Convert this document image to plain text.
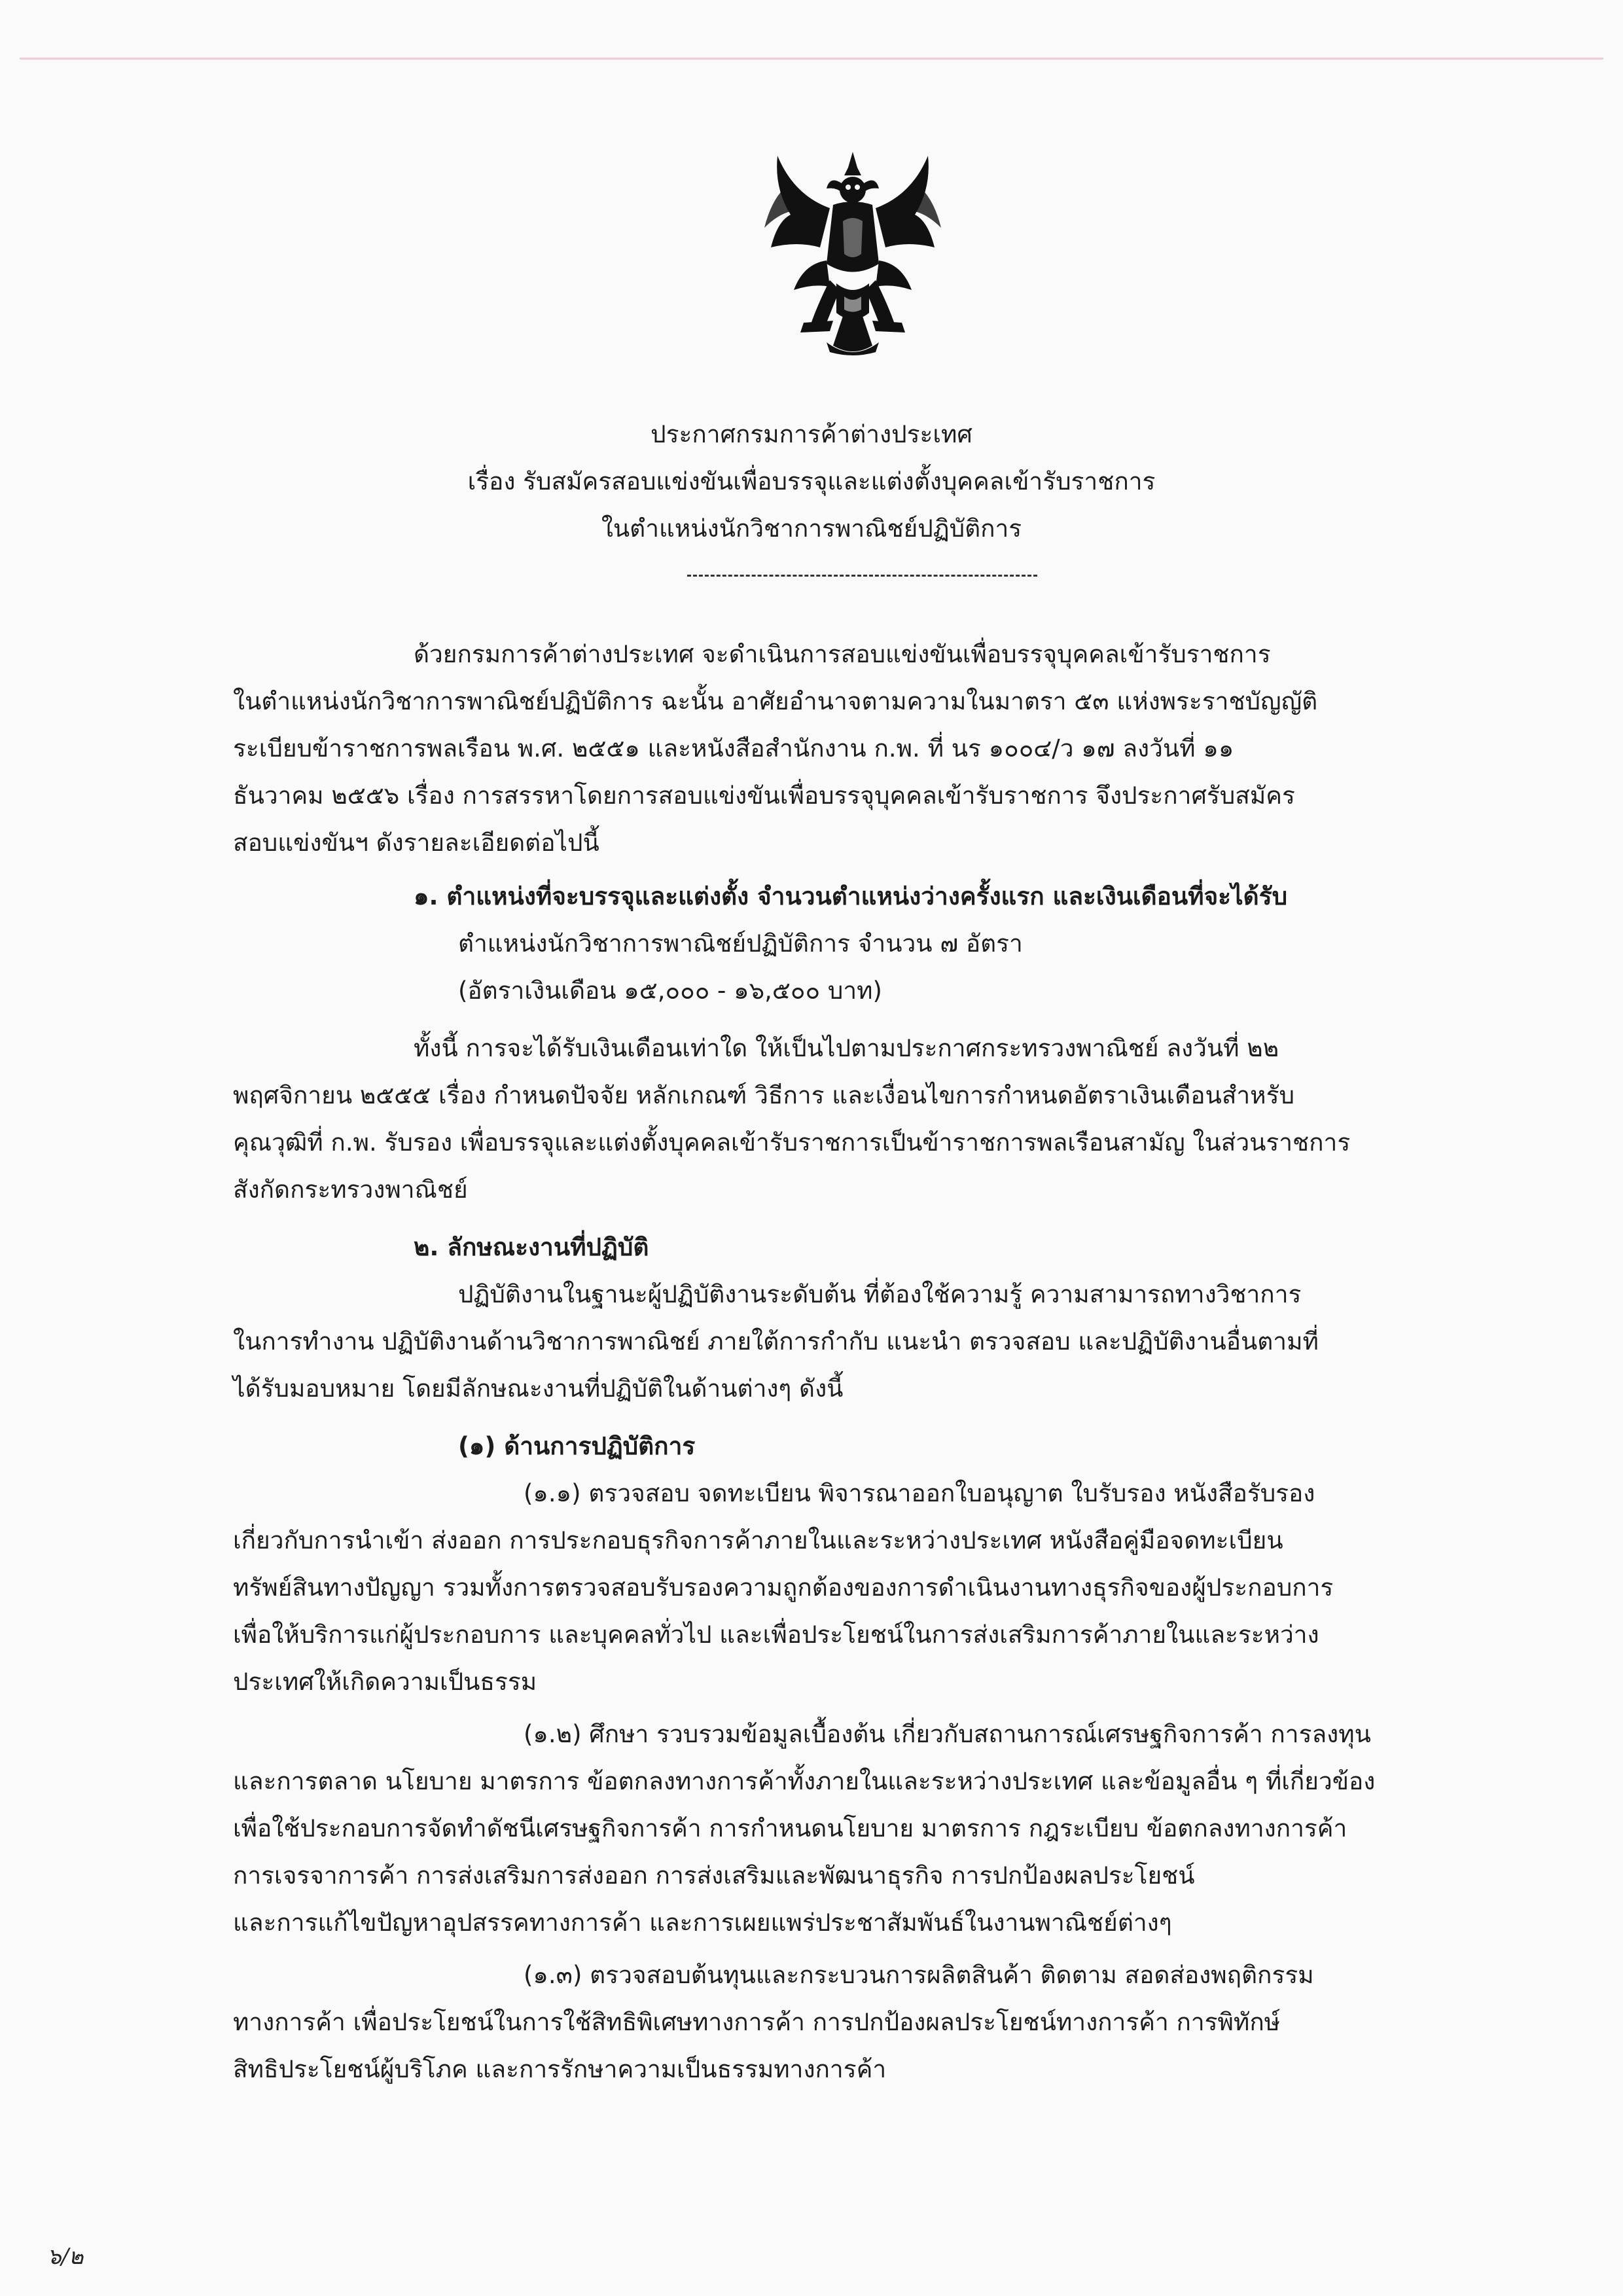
ประกาศกรมการค้าต่างประเทศ
เรื่อง รับสมัครสอบแข่งขันเพื่อบรรจุและแต่งตั้งบุคคลเข้ารับราชการ
ในตำแหน่งนักวิชาการพาณิชย์ปฏิบัติการ
ด้วยกรมการค้าต่างประเทศ จะดำเนินการสอบแข่งขันเพื่อบรรจุบุคคลเข้ารับราชการ
ในตำแหน่งนักวิชาการพาณิชย์ปฏิบัติการ ฉะนั้น อาศัยอำนาจตามความในมาตรา ๕๓ แห่งพระราชบัญญัติ
ระเบียบข้าราชการพลเรือน พ.ศ. ๒๕๕๑ และหนังสือสำนักงาน ก.พ. ที่ นร ๑๐๐๔/ว ๑๗ ลงวันที่ ๑๑
ธันวาคม ๒๕๕๖ เรื่อง การสรรหาโดยการสอบแข่งขันเพื่อบรรจุบุคคลเข้ารับราชการ จึงประกาศรับสมัคร
สอบแข่งขันฯ ดังรายละเอียดต่อไปนี้
๑. ตำแหน่งที่จะบรรจุและแต่งตั้ง จำนวนตำแหน่งว่างครั้งแรก และเงินเดือนที่จะได้รับ
ตำแหน่งนักวิชาการพาณิชย์ปฏิบัติการ จำนวน ๗ อัตรา
(อัตราเงินเดือน ๑๕,๐๐๐ - ๑๖,๕๐๐ บาท)
ทั้งนี้ การจะได้รับเงินเดือนเท่าใด ให้เป็นไปตามประกาศกระทรวงพาณิชย์ ลงวันที่ ๒๒
พฤศจิกายน ๒๕๕๕ เรื่อง กำหนดปัจจัย หลักเกณฑ์ วิธีการ และเงื่อนไขการกำหนดอัตราเงินเดือนสำหรับ
คุณวุฒิที่ ก.พ. รับรอง เพื่อบรรจุและแต่งตั้งบุคคลเข้ารับราชการเป็นข้าราชการพลเรือนสามัญ ในส่วนราชการ
สังกัดกระทรวงพาณิชย์
๒. ลักษณะงานที่ปฏิบัติ
ปฏิบัติงานในฐานะผู้ปฏิบัติงานระดับต้น ที่ต้องใช้ความรู้ ความสามารถทางวิชาการ
ในการทำงาน ปฏิบัติงานด้านวิชาการพาณิชย์ ภายใต้การกำกับ แนะนำ ตรวจสอบ และปฏิบัติงานอื่นตามที่
ได้รับมอบหมาย โดยมีลักษณะงานที่ปฏิบัติในด้านต่างๆ ดังนี้
(๑) ด้านการปฏิบัติการ
(๑.๑) ตรวจสอบ จดทะเบียน พิจารณาออกใบอนุญาต ใบรับรอง หนังสือรับรอง
เกี่ยวกับการนำเข้า ส่งออก การประกอบธุรกิจการค้าภายในและระหว่างประเทศ หนังสือคู่มือจดทะเบียน
ทรัพย์สินทางปัญญา รวมทั้งการตรวจสอบรับรองความถูกต้องของการดำเนินงานทางธุรกิจของผู้ประกอบการ
เพื่อให้บริการแก่ผู้ประกอบการ และบุคคลทั่วไป และเพื่อประโยชน์ในการส่งเสริมการค้าภายในและระหว่าง
ประเทศให้เกิดความเป็นธรรม
(๑.๒) ศึกษา รวบรวมข้อมูลเบื้องต้น เกี่ยวกับสถานการณ์เศรษฐกิจการค้า การลงทุน
และการตลาด นโยบาย มาตรการ ข้อตกลงทางการค้าทั้งภายในและระหว่างประเทศ และข้อมูลอื่น ๆ ที่เกี่ยวข้อง
เพื่อใช้ประกอบการจัดทำดัชนีเศรษฐกิจการค้า การกำหนดนโยบาย มาตรการ กฎระเบียบ ข้อตกลงทางการค้า
การเจรจาการค้า การส่งเสริมการส่งออก การส่งเสริมและพัฒนาธุรกิจ การปกป้องผลประโยชน์
และการแก้ไขปัญหาอุปสรรคทางการค้า และการเผยแพร่ประชาสัมพันธ์ในงานพาณิชย์ต่างๆ
(๑.๓) ตรวจสอบต้นทุนและกระบวนการผลิตสินค้า ติดตาม สอดส่องพฤติกรรม
ทางการค้า เพื่อประโยชน์ในการใช้สิทธิพิเศษทางการค้า การปกป้องผลประโยชน์ทางการค้า การพิทักษ์
สิทธิประโยชน์ผู้บริโภค และการรักษาความเป็นธรรมทางการค้า
๖/๒
